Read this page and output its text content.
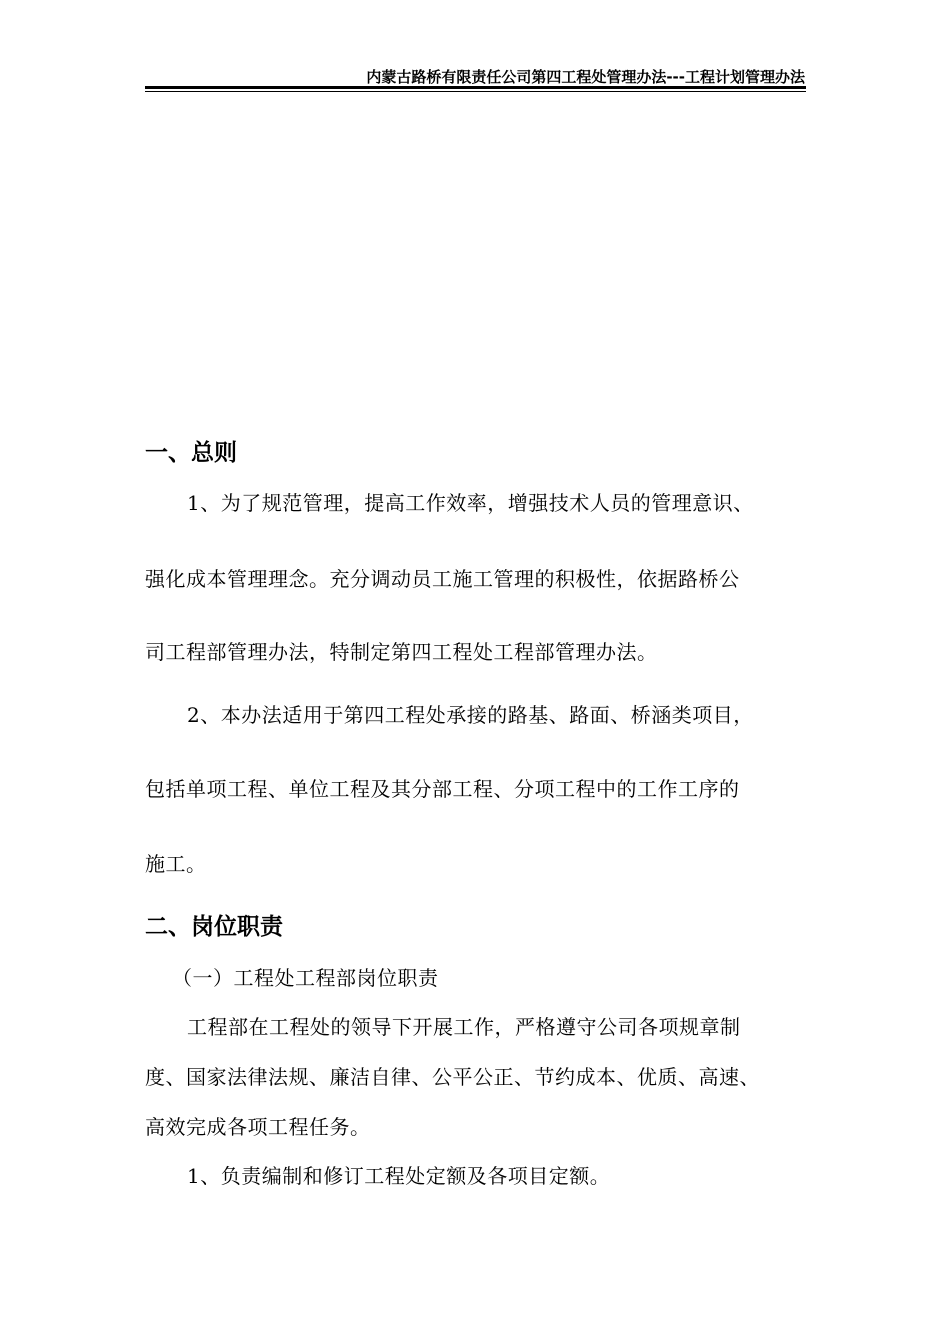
内蒙古路桥有限责任公司第四工程处管理办法---工程计划管理办法
一、总则
1、为了规范管理，提高工作效率，增强技术人员的管理意识、
强化成本管理理念。充分调动员工施工管理的积极性，依据路桥公
司工程部管理办法，特制定第四工程处工程部管理办法。
2、本办法适用于第四工程处承接的路基、路面、桥涵类项目，
包括单项工程、单位工程及其分部工程、分项工程中的工作工序的
施工。
二、岗位职责
（一）工程处工程部岗位职责
工程部在工程处的领导下开展工作，严格遵守公司各项规章制
度、国家法律法规、廉洁自律、公平公正、节约成本、优质、高速、
高效完成各项工程任务。
1、负责编制和修订工程处定额及各项目定额。
